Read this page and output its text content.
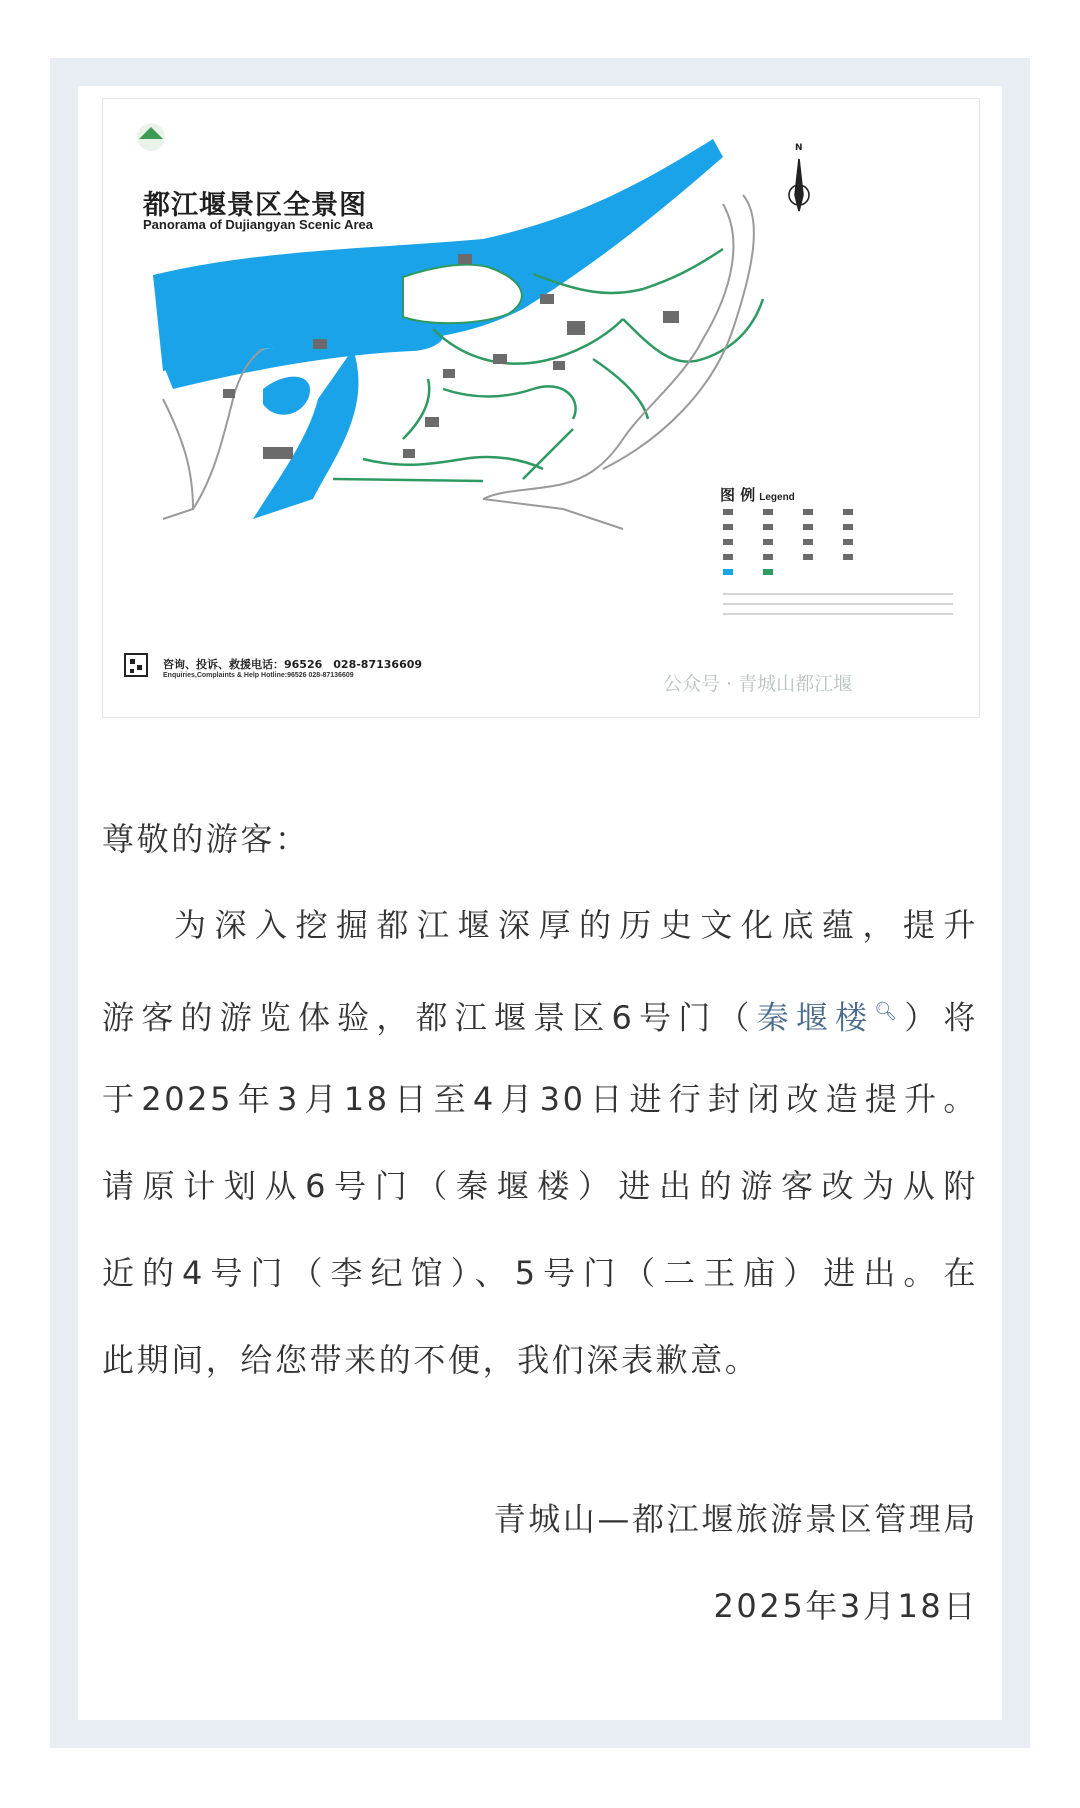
都江堰景区全景图
Panorama of Dujiangyan Scenic Area
N
图 例 Legend
咨询、投诉、救援电话：96526　028-87136609
Enquiries,Complaints & Help Hotline:96526 028-87136609	公众号 · 青城山都江堰
尊敬的游客：
为深入挖掘都江堰深厚的历史文化底蕴，提升
游客的游览体验，都江堰景区6号门（秦堰楼🔍︎）将
于2025年3月18日至4月30日进行封闭改造提升。
请原计划从6号门（秦堰楼）进出的游客改为从附
近的4号门（李纪馆）、5号门（二王庙）进出。在
此期间，给您带来的不便，我们深表歉意。
青城山—都江堰旅游景区管理局
2025年3月18日
